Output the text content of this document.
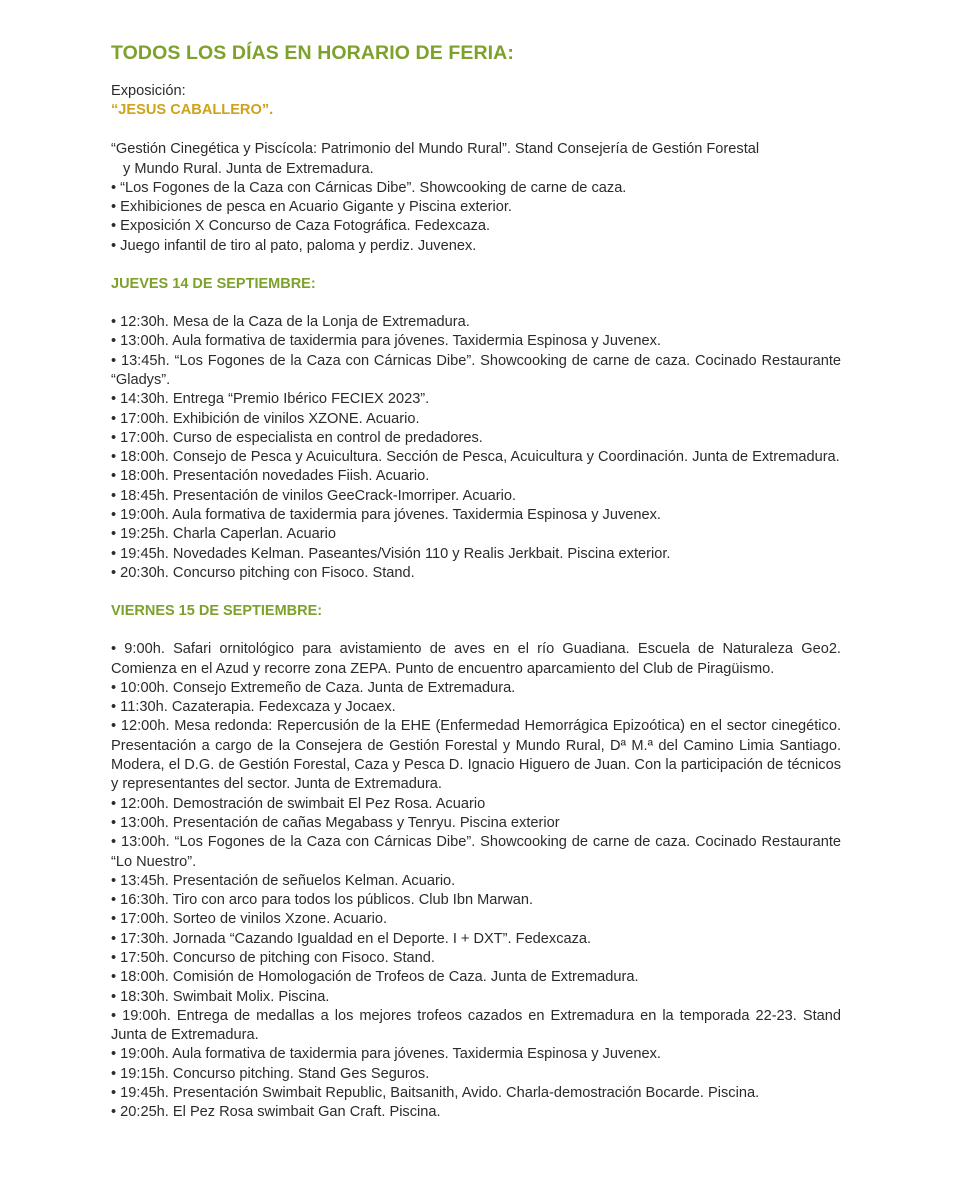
TODOS LOS DÍAS EN HORARIO DE FERIA:
Exposición:
“JESUS CABALLERO”.
“Gestión Cinegética y Piscícola: Patrimonio del Mundo Rural”. Stand Consejería de Gestión Forestal
y Mundo Rural. Junta de Extremadura.
• “Los Fogones de la Caza con Cárnicas Dibe”. Showcooking de carne de caza.
• Exhibiciones de pesca en Acuario Gigante y Piscina exterior.
• Exposición X Concurso de Caza Fotográfica. Fedexcaza.
• Juego infantil de tiro al pato, paloma y perdiz. Juvenex.
JUEVES 14 DE SEPTIEMBRE:
• 12:30h. Mesa de la Caza de la Lonja de Extremadura.
• 13:00h. Aula formativa de taxidermia para jóvenes. Taxidermia Espinosa y Juvenex.
• 13:45h. “Los Fogones de la Caza con Cárnicas Dibe”. Showcooking de carne de caza. Cocinado Restaurante “Gladys”.
• 14:30h. Entrega “Premio Ibérico FECIEX 2023”.
• 17:00h. Exhibición de vinilos XZONE. Acuario.
• 17:00h. Curso de especialista en control de predadores.
• 18:00h. Consejo de Pesca y Acuicultura. Sección de Pesca, Acuicultura y Coordinación. Junta de Extremadura.
• 18:00h. Presentación novedades Fiish. Acuario.
• 18:45h. Presentación de vinilos GeeCrack-Imorriper. Acuario.
• 19:00h. Aula formativa de taxidermia para jóvenes. Taxidermia Espinosa y Juvenex.
• 19:25h. Charla Caperlan. Acuario
• 19:45h. Novedades Kelman. Paseantes/Visión 110 y Realis Jerkbait. Piscina exterior.
• 20:30h. Concurso pitching con Fisoco. Stand.
VIERNES 15 DE SEPTIEMBRE:
• 9:00h. Safari ornitológico para avistamiento de aves en el río Guadiana. Escuela de Naturaleza Geo2. Comienza en el Azud y recorre zona ZEPA. Punto de encuentro aparcamiento del Club de Piragüismo.
• 10:00h. Consejo Extremeño de Caza. Junta de Extremadura.
• 11:30h. Cazaterapia. Fedexcaza y Jocaex.
• 12:00h. Mesa redonda: Repercusión de la EHE (Enfermedad Hemorrágica Epizoótica) en el sector cinegético. Presentación a cargo de la Consejera de Gestión Forestal y Mundo Rural, Dª M.ª del Camino Limia Santiago. Modera, el D.G. de Gestión Forestal, Caza y Pesca D. Ignacio Higuero de Juan. Con la participación de técnicos y representantes del sector. Junta de Extremadura.
• 12:00h. Demostración de swimbait El Pez Rosa. Acuario
• 13:00h. Presentación de cañas Megabass y Tenryu. Piscina exterior
• 13:00h. “Los Fogones de la Caza con Cárnicas Dibe”. Showcooking de carne de caza. Cocinado Restaurante “Lo Nuestro”.
• 13:45h. Presentación de señuelos Kelman. Acuario.
• 16:30h. Tiro con arco para todos los públicos. Club Ibn Marwan.
• 17:00h. Sorteo de vinilos Xzone. Acuario.
• 17:30h. Jornada “Cazando Igualdad en el Deporte. I + DXT”. Fedexcaza.
• 17:50h. Concurso de pitching con Fisoco. Stand.
• 18:00h. Comisión de Homologación de Trofeos de Caza. Junta de Extremadura.
• 18:30h. Swimbait Molix. Piscina.
• 19:00h. Entrega de medallas a los mejores trofeos cazados en Extremadura en la temporada 22-23. Stand Junta de Extremadura.
• 19:00h. Aula formativa de taxidermia para jóvenes. Taxidermia Espinosa y Juvenex.
• 19:15h. Concurso pitching. Stand Ges Seguros.
• 19:45h. Presentación Swimbait Republic, Baitsanith, Avido. Charla-demostración Bocarde. Piscina.
• 20:25h. El Pez Rosa swimbait Gan Craft. Piscina.
